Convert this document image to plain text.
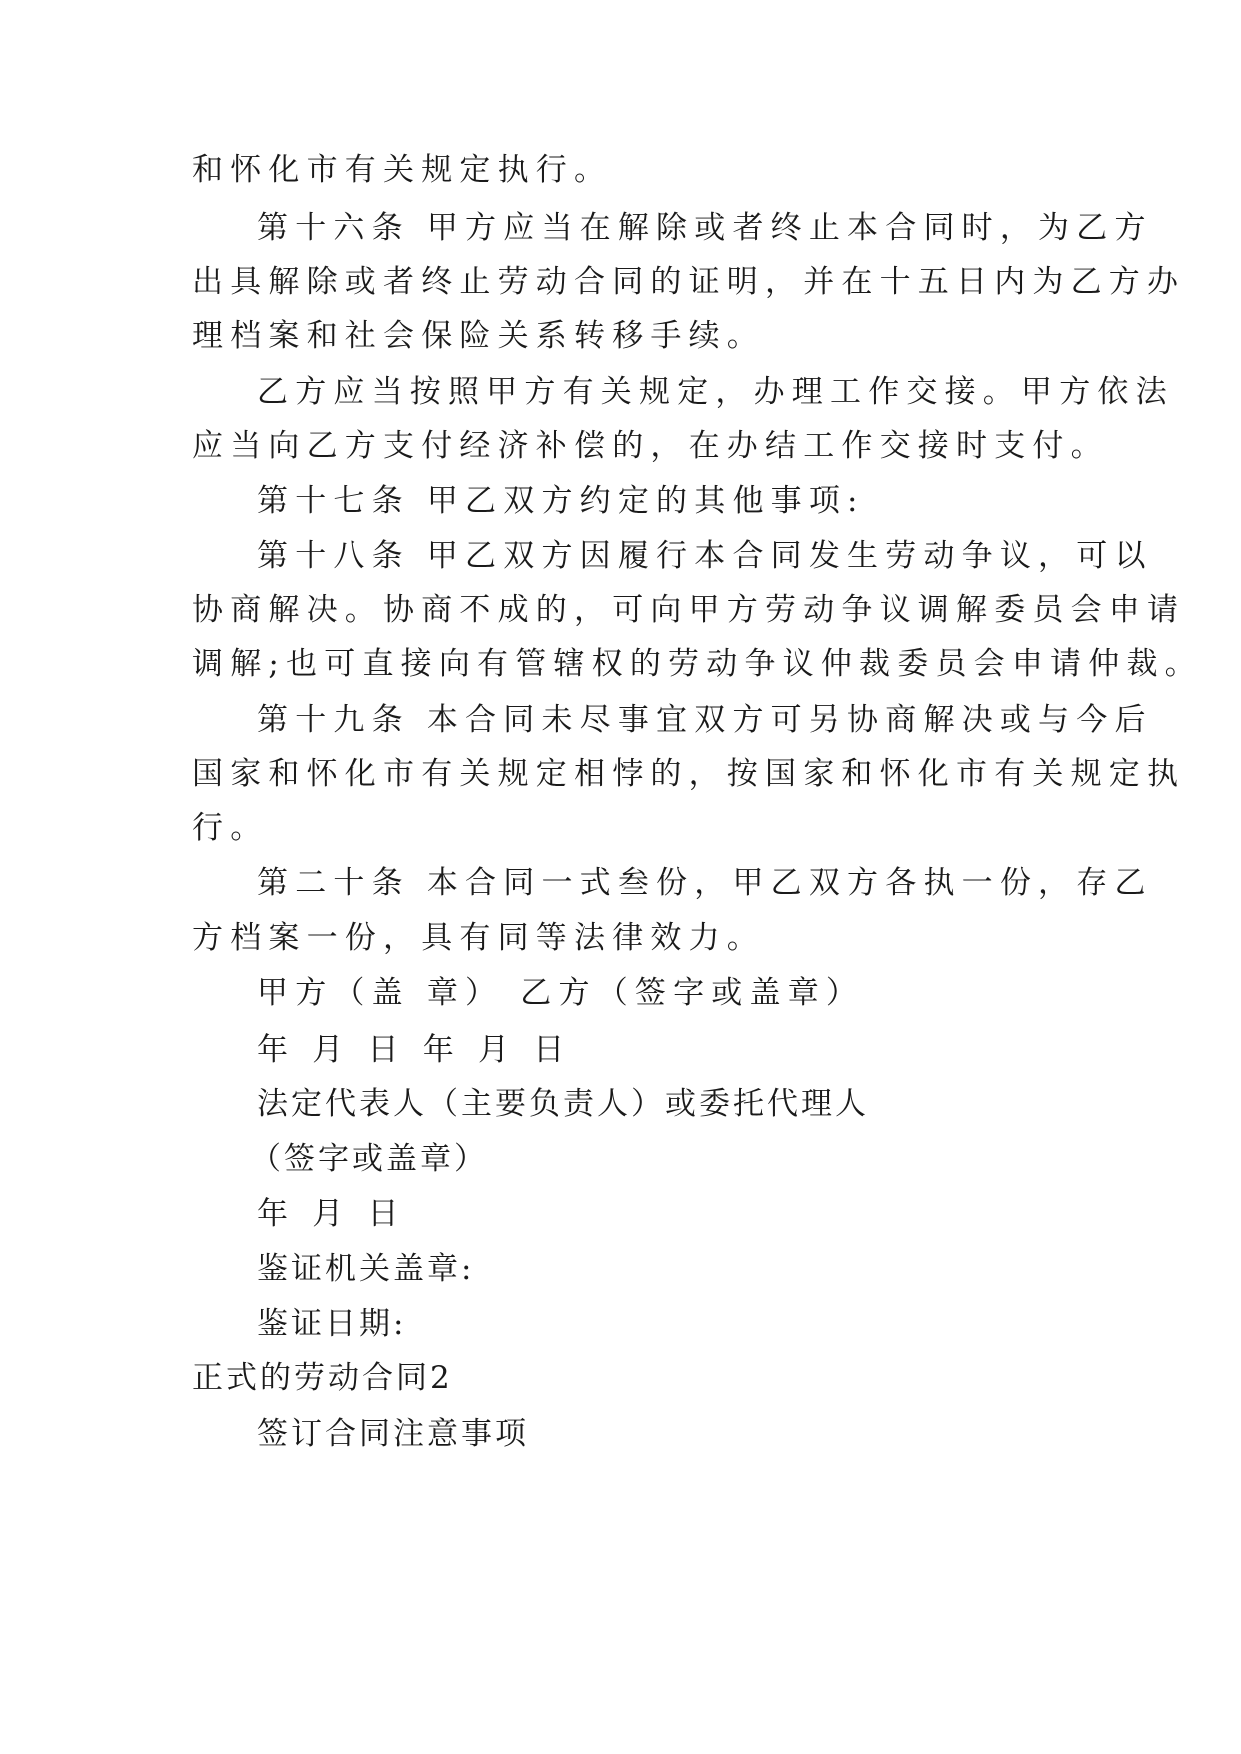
和怀化市有关规定执行。
第十六条 甲方应当在解除或者终止本合同时，为乙方
出具解除或者终止劳动合同的证明，并在十五日内为乙方办
理档案和社会保险关系转移手续。
乙方应当按照甲方有关规定，办理工作交接。甲方依法
应当向乙方支付经济补偿的，在办结工作交接时支付。
第十七条 甲乙双方约定的其他事项:
第十八条 甲乙双方因履行本合同发生劳动争议，可以
协商解决。协商不成的，可向甲方劳动争议调解委员会申请
调解;也可直接向有管辖权的劳动争议仲裁委员会申请仲裁。
第十九条 本合同未尽事宜双方可另协商解决或与今后
国家和怀化市有关规定相悖的，按国家和怀化市有关规定执
行。
第二十条 本合同一式叁份，甲乙双方各执一份，存乙
方档案一份，具有同等法律效力。
甲方（盖 章） 乙方（签字或盖章）
年 月 日 年 月 日
法定代表人（主要负责人）或委托代理人
（签字或盖章）
年 月 日
鉴证机关盖章:
鉴证日期:
正式的劳动合同2
签订合同注意事项
